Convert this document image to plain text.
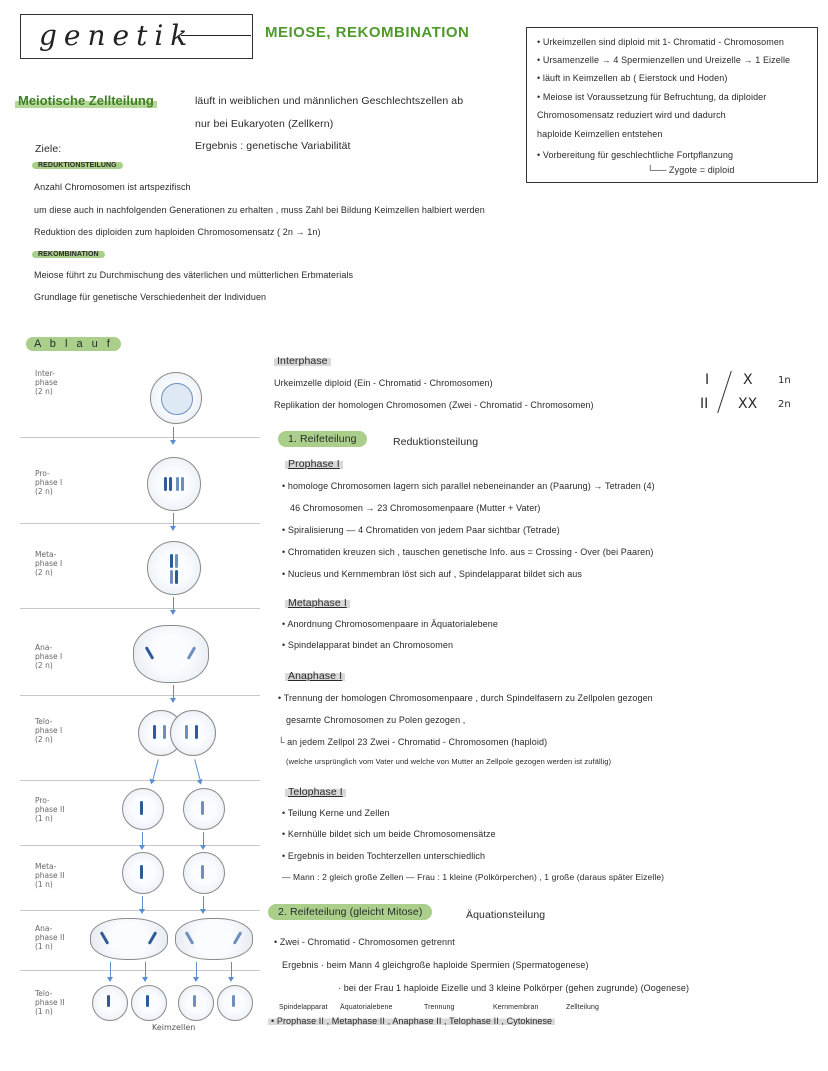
genetik	MEIOSE, REKOMBINATION
• Urkeimzellen sind diploid mit 1- Chromatid - Chromosomen
• Ursamenzelle → 4 Spermienzellen und Ureizelle → 1 Eizelle
• läuft in Keimzellen ab ( Eierstock und Hoden)
• Meiose ist Voraussetzung für Befruchtung, da diploider
Chromosomensatz reduziert wird und dadurch
haploide Keimzellen entstehen
• Vorbereitung für geschlechtliche Fortpflanzung
└── Zygote = diploid
Meiotische Zellteilung	läuft in weiblichen und männlichen Geschlechtszellen ab
nur bei Eukaryoten (Zellkern)
Ziele:	Ergebnis : genetische Variabilität
REDUKTIONSTEILUNG
Anzahl Chromosomen ist artspezifisch
um diese auch in nachfolgenden Generationen zu erhalten , muss Zahl bei Bildung Keimzellen halbiert werden
Reduktion des diploiden zum haploiden Chromosomensatz ( 2n → 1n)
REKOMBINATION
Meiose führt zu Durchmischung des väterlichen und mütterlichen Erbmaterials
Grundlage für genetische Verschiedenheit der Individuen
A b l a u f
Inter-
phase
(2 n)
Pro-
phase I
(2 n)
Meta-
phase I
(2 n)
Ana-
phase I
(2 n)
Telo-
phase I
(2 n)
Pro-
phase II
(1 n)
Meta-
phase II
(1 n)
Ana-
phase II
(1 n)
Telo-
phase II
(1 n)
Keimzellen
Interphase
Urkeimzelle diploid (Ein - Chromatid - Chromosomen)
Replikation der homologen Chromosomen (Zwei - Chromatid - Chromosomen)
I X	1n
II XX 2n
1. Reifeteilung	Reduktionsteilung
Prophase I
• homologe Chromosomen lagern sich parallel nebeneinander an (Paarung) → Tetraden (4)
46 Chromosomen → 23 Chromosomenpaare (Mutter + Vater)
• Spiralisierung — 4 Chromatiden von jedem Paar sichtbar (Tetrade)
• Chromatiden kreuzen sich , tauschen genetische Info. aus = Crossing - Over (bei Paaren)
• Nucleus und Kernmembran löst sich auf , Spindelapparat bildet sich aus
Metaphase I
• Anordnung Chromosomenpaare in Äquatorialebene
• Spindelapparat bindet an Chromosomen
Anaphase I
• Trennung der homologen Chromosomenpaare , durch Spindelfasern zu Zellpolen gezogen
gesamte Chromosomen zu Polen gezogen ,
└ an jedem Zellpol 23 Zwei - Chromatid - Chromosomen (haploid)
(welche ursprünglich vom Vater und welche von Mutter an Zellpole gezogen werden ist zufällig)
Telophase I
• Teilung Kerne und Zellen
• Kernhülle bildet sich um beide Chromosomensätze
• Ergebnis in beiden Tochterzellen unterschiedlich
— Mann : 2 gleich große Zellen — Frau : 1 kleine (Polkörperchen) , 1 große (daraus später Eizelle)
2. Reifeteilung (gleicht Mitose)	Äquationsteilung
• Zwei - Chromatid - Chromosomen getrennt
Ergebnis · beim Mann 4 gleichgroße haploide Spermien (Spermatogenese)
· bei der Frau 1 haploide Eizelle und 3 kleine Polkörper (gehen zugrunde) (Oogenese)
Spindelapparat Äquatorialebene	Trennung	Kernmembran	Zellteilung
• Prophase II , Metaphase II , Anaphase II , Telophase II , Cytokinese
